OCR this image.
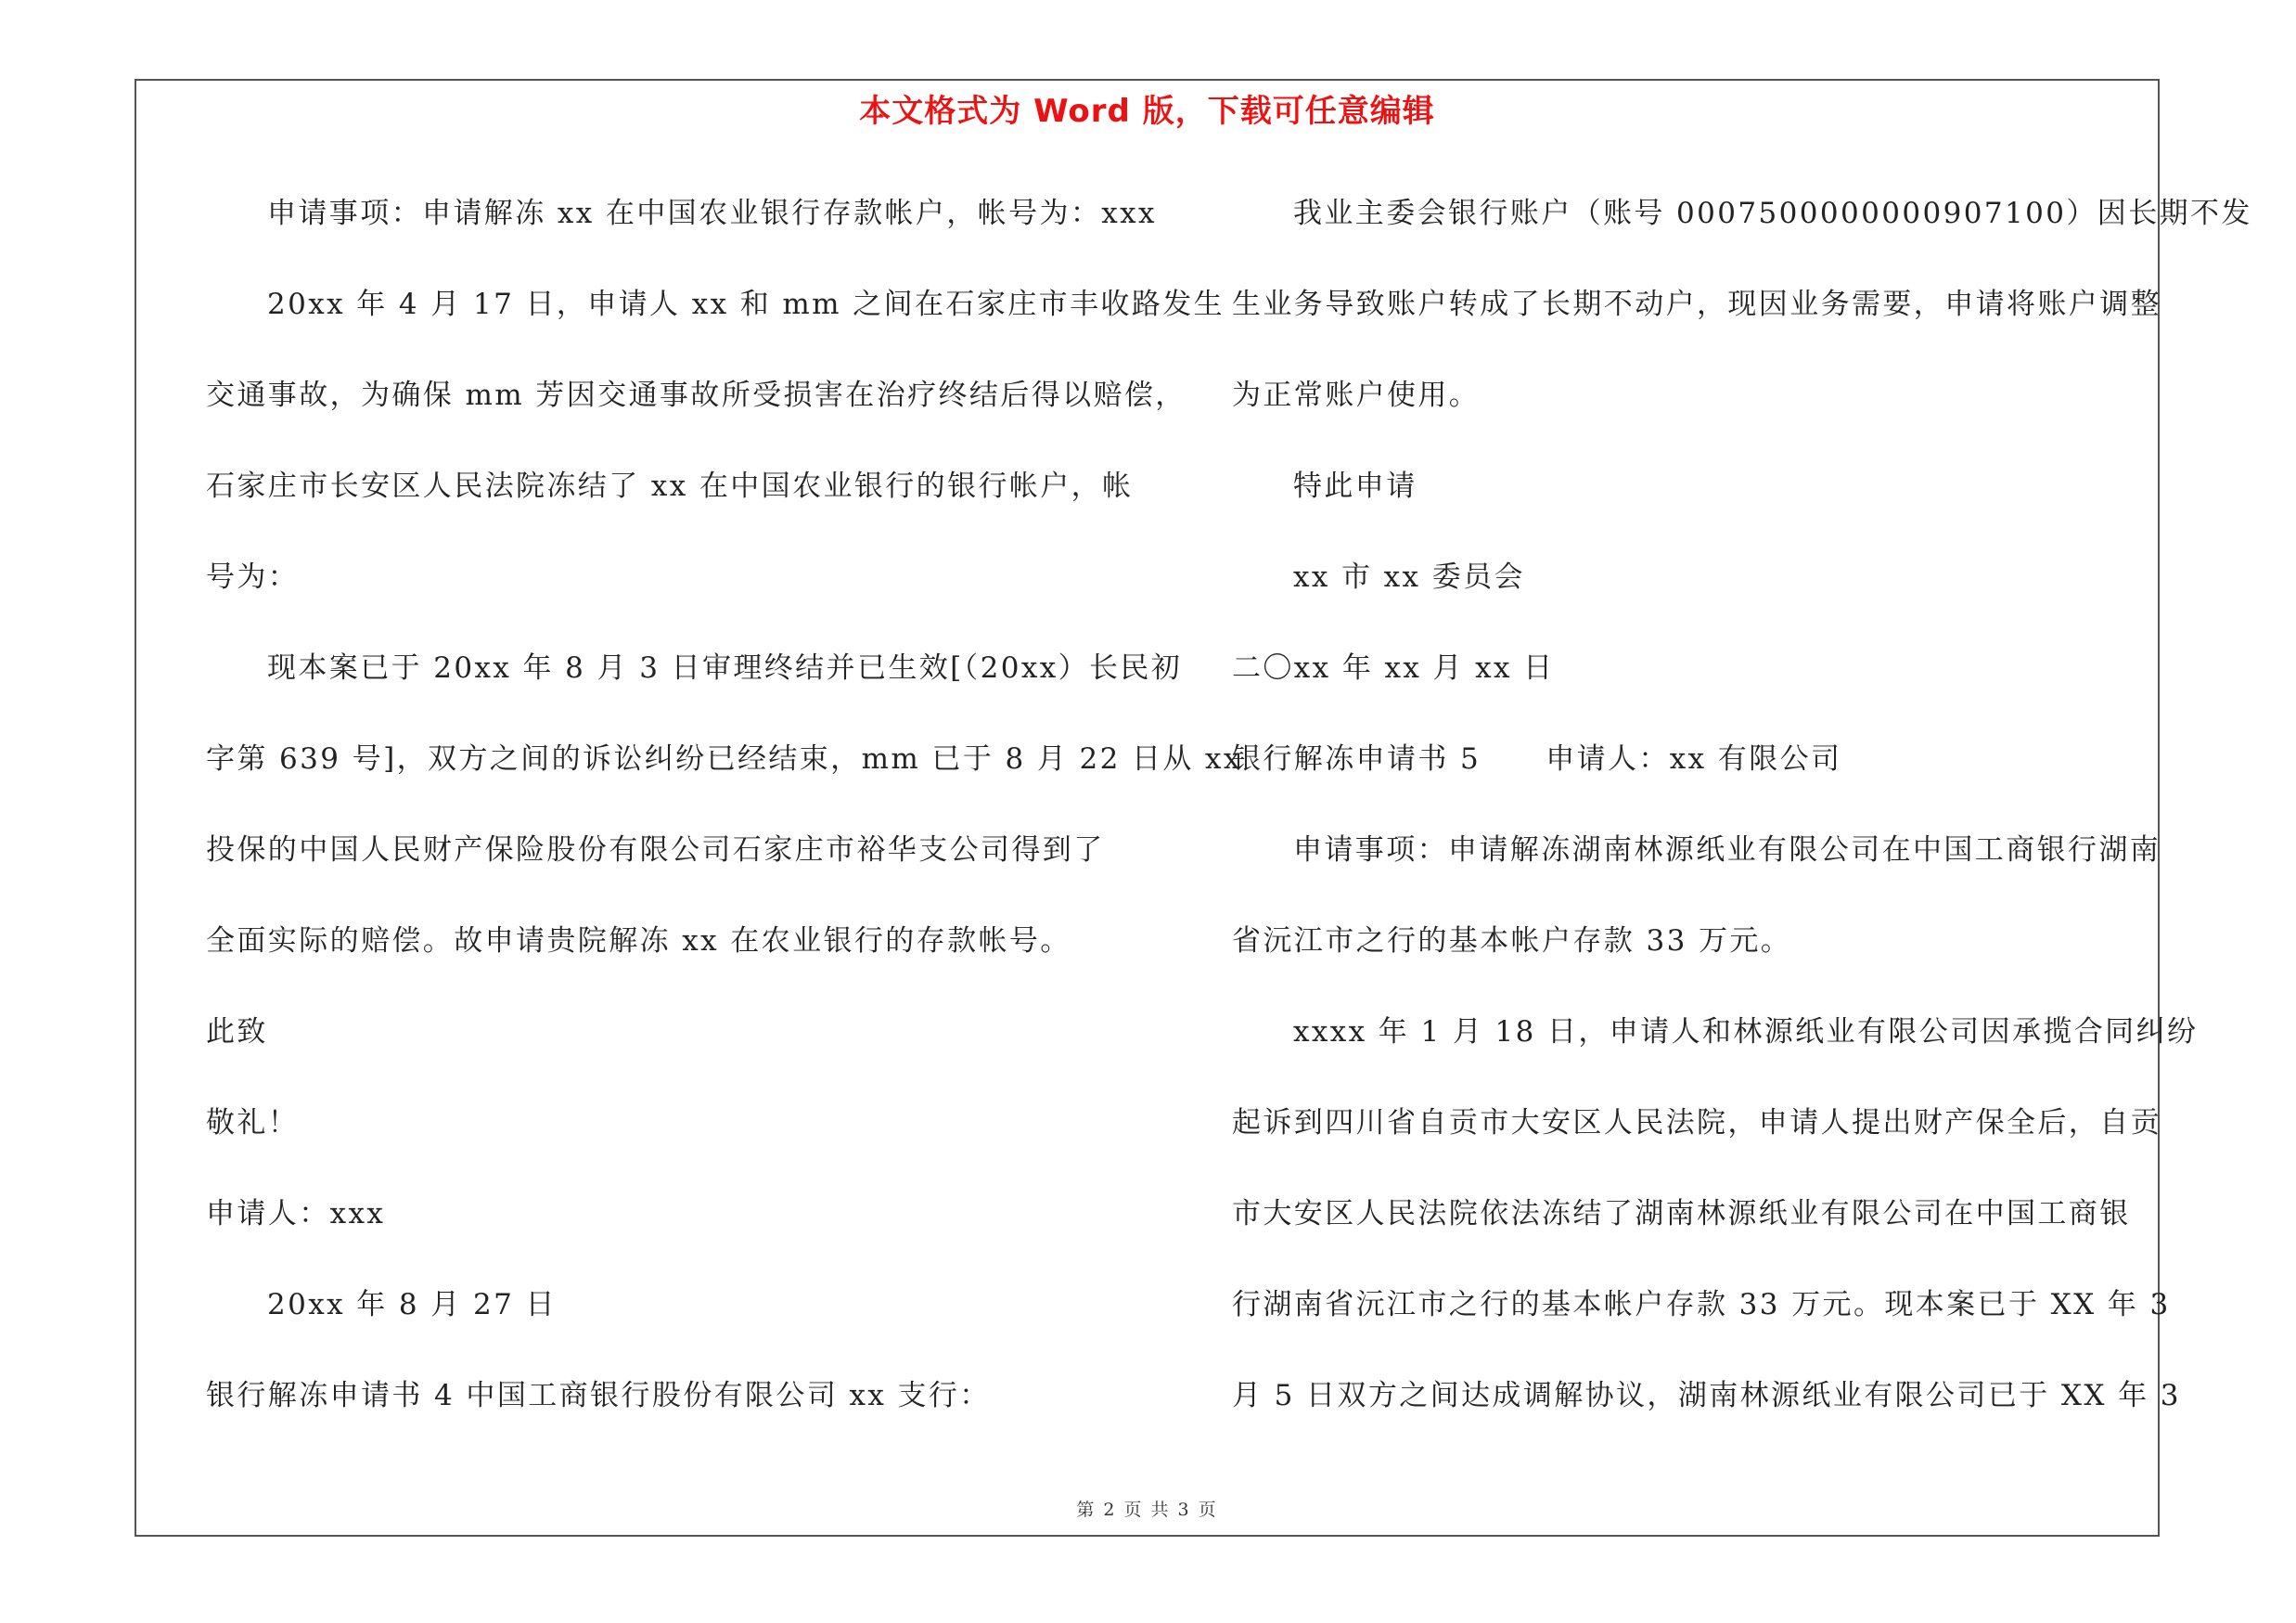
本文格式为 Word 版，下载可任意编辑
申请事项：申请解冻 xx 在中国农业银行存款帐户，帐号为：xxx
20xx 年 4 月 17 日，申请人 xx 和 mm 之间在石家庄市丰收路发生
交通事故，为确保 mm 芳因交通事故所受损害在治疗终结后得以赔偿，
石家庄市长安区人民法院冻结了 xx 在中国农业银行的银行帐户，帐
号为：
现本案已于 20xx 年 8 月 3 日审理终结并已生效[（20xx）长民初
字第 639 号]，双方之间的诉讼纠纷已经结束，mm 已于 8 月 22 日从 xx
投保的中国人民财产保险股份有限公司石家庄市裕华支公司得到了
全面实际的赔偿。故申请贵院解冻 xx 在农业银行的存款帐号。
此致
敬礼！
申请人：xxx
20xx 年 8 月 27 日
银行解冻申请书 4 中国工商银行股份有限公司 xx 支行：
我业主委会银行账户（账号 0007500000000907100）因长期不发
生业务导致账户转成了长期不动户，现因业务需要，申请将账户调整
为正常账户使用。
特此申请
xx 市 xx 委员会
二〇xx 年 xx 月 xx 日
银行解冻申请书 5 申请人：xx 有限公司
申请事项：申请解冻湖南林源纸业有限公司在中国工商银行湖南
省沅江市之行的基本帐户存款 33 万元。
xxxx 年 1 月 18 日，申请人和林源纸业有限公司因承揽合同纠纷
起诉到四川省自贡市大安区人民法院，申请人提出财产保全后，自贡
市大安区人民法院依法冻结了湖南林源纸业有限公司在中国工商银
行湖南省沅江市之行的基本帐户存款 33 万元。现本案已于 XX 年 3
月 5 日双方之间达成调解协议，湖南林源纸业有限公司已于 XX 年 3
第 2 页 共 3 页
